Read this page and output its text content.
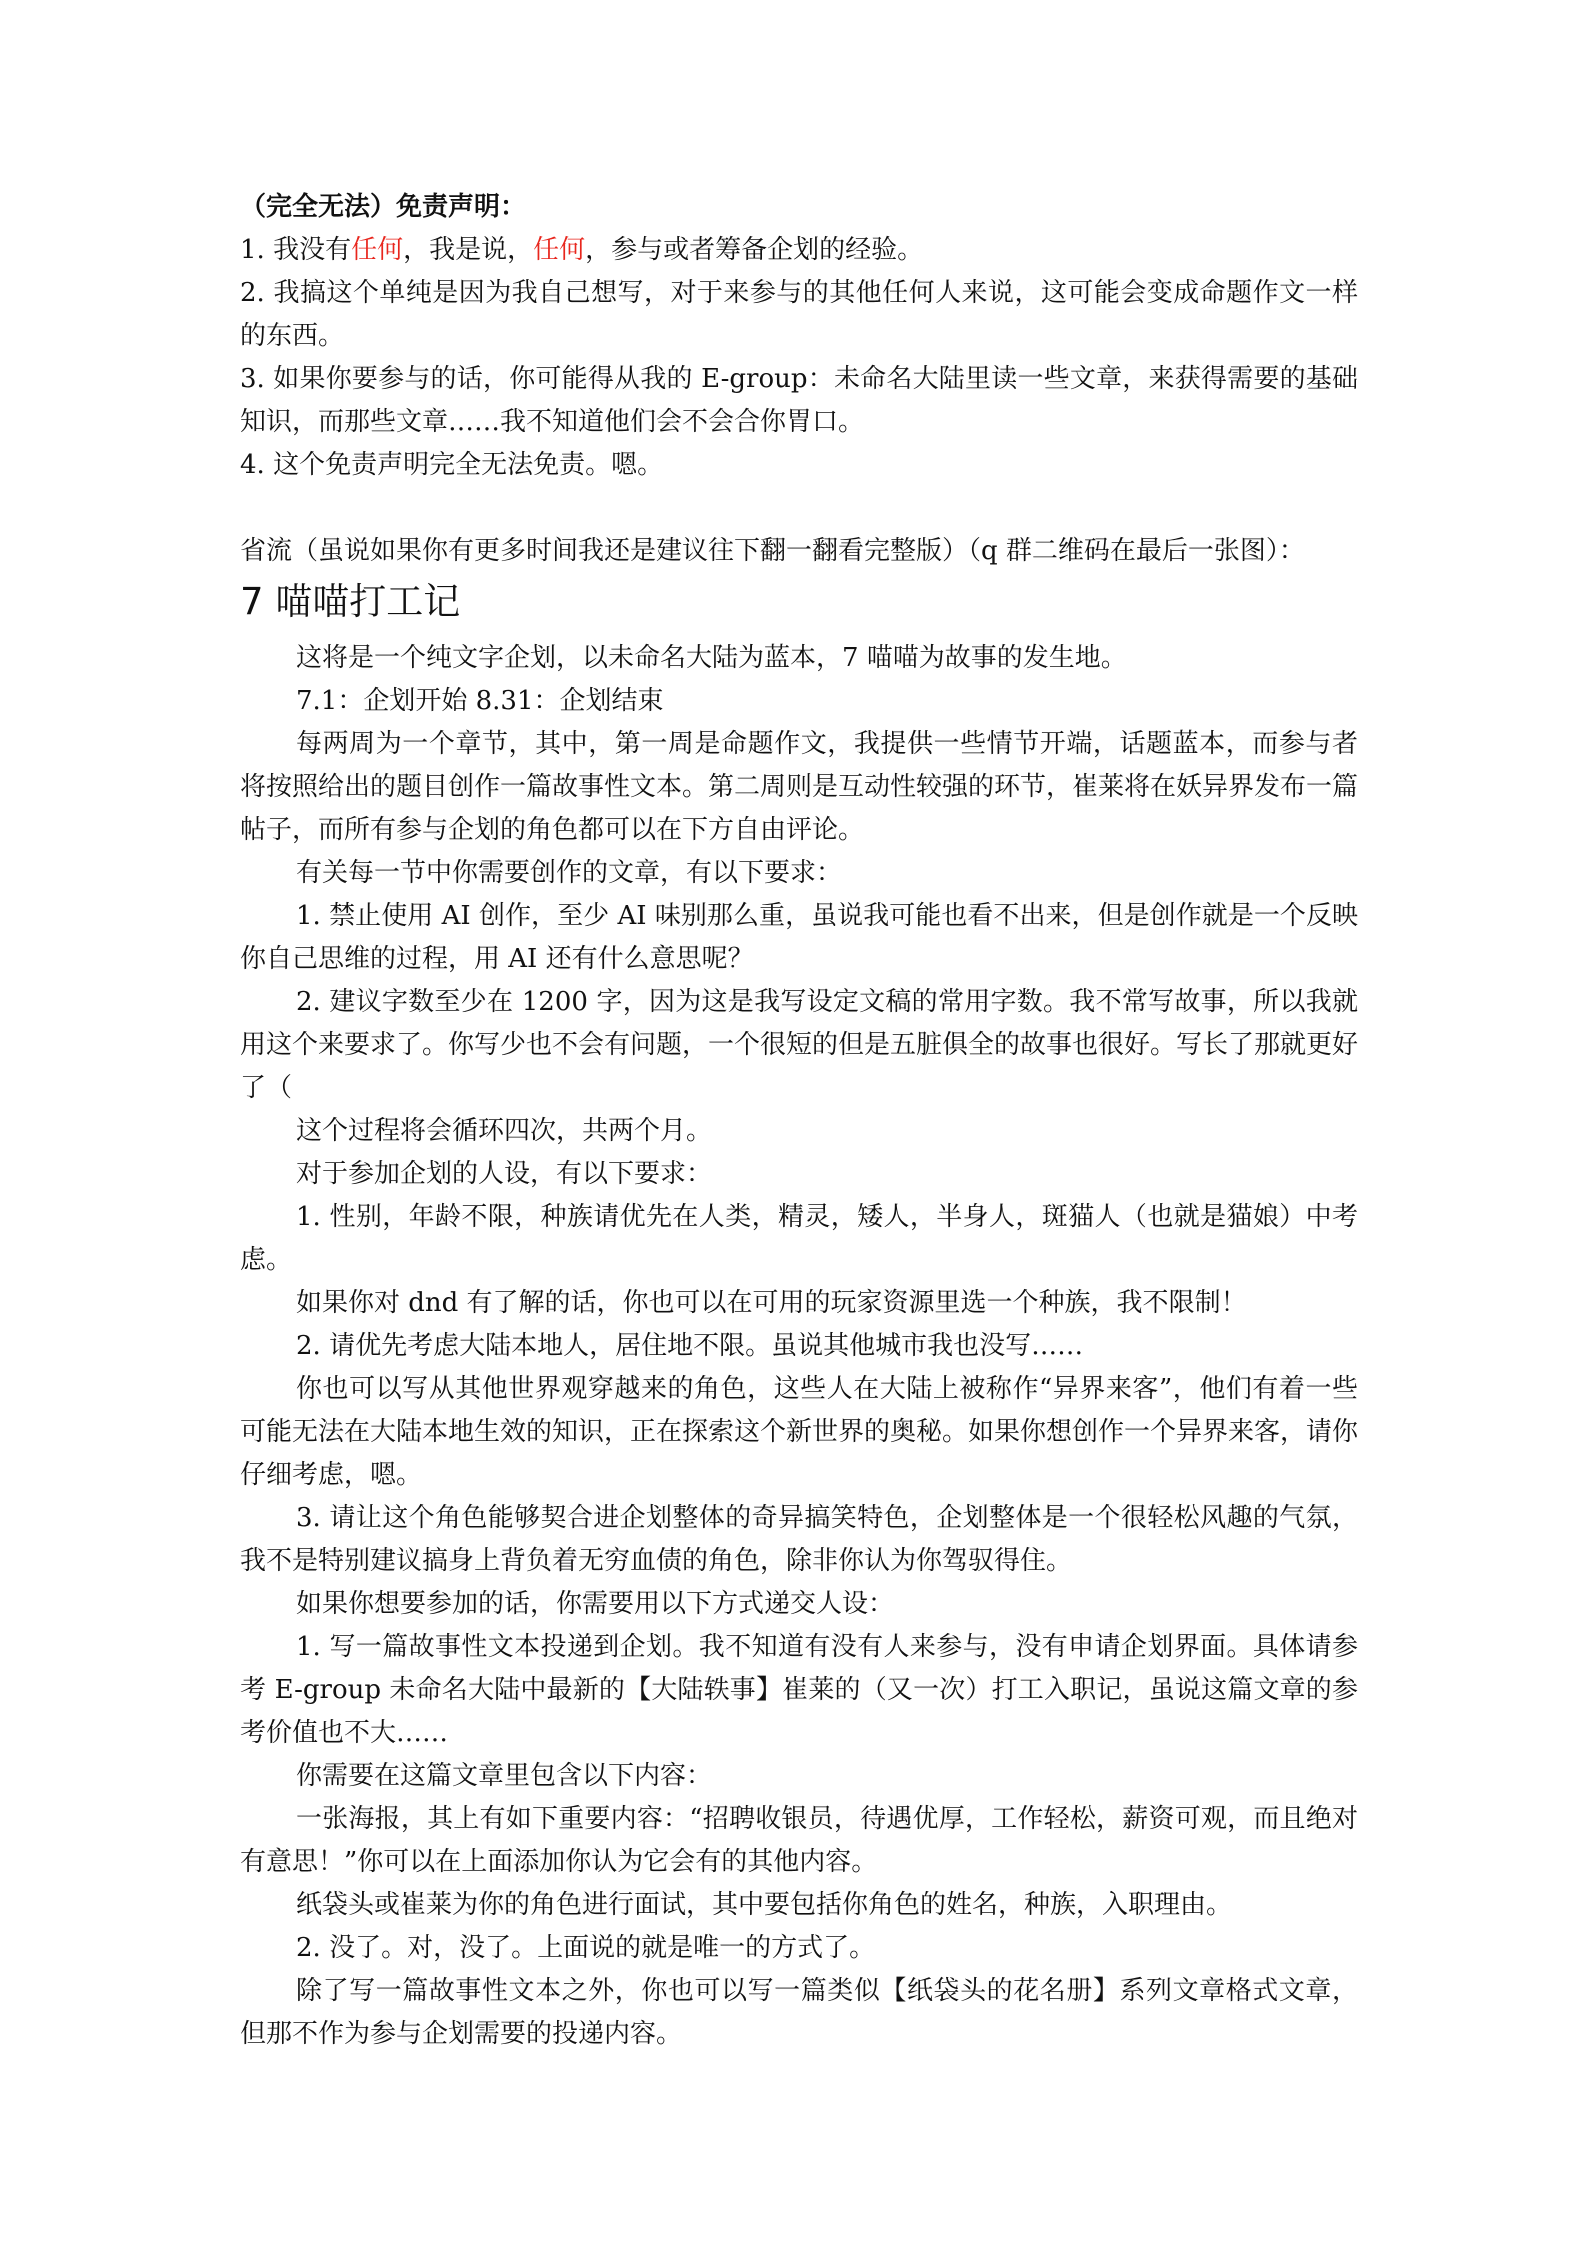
（完全无法）免责声明：

1. 我没有任何，我是说，任何，参与或者筹备企划的经验。

2. 我搞这个单纯是因为我自己想写，对于来参与的其他任何人来说，这可能会变成命题作文一样的东西。

3. 如果你要参与的话，你可能得从我的 E-group：未命名大陆里读一些文章，来获得需要的基础知识，而那些文章……我不知道他们会不会合你胃口。

4. 这个免责声明完全无法免责。嗯。

省流（虽说如果你有更多时间我还是建议往下翻一翻看完整版）（q 群二维码在最后一张图）：

7 喵喵打工记

这将是一个纯文字企划，以未命名大陆为蓝本，7 喵喵为故事的发生地。

7.1：企划开始 8.31：企划结束

每两周为一个章节，其中，第一周是命题作文，我提供一些情节开端，话题蓝本，而参与者将按照给出的题目创作一篇故事性文本。第二周则是互动性较强的环节，崔莱将在妖异界发布一篇帖子，而所有参与企划的角色都可以在下方自由评论。

有关每一节中你需要创作的文章，有以下要求：

1. 禁止使用 AI 创作，至少 AI 味别那么重，虽说我可能也看不出来，但是创作就是一个反映你自己思维的过程，用 AI 还有什么意思呢？

2. 建议字数至少在 1200 字，因为这是我写设定文稿的常用字数。我不常写故事，所以我就用这个来要求了。你写少也不会有问题，一个很短的但是五脏俱全的故事也很好。写长了那就更好了（

这个过程将会循环四次，共两个月。

对于参加企划的人设，有以下要求：

1. 性别，年龄不限，种族请优先在人类，精灵，矮人，半身人，斑猫人（也就是猫娘）中考虑。

如果你对 dnd 有了解的话，你也可以在可用的玩家资源里选一个种族，我不限制！

2. 请优先考虑大陆本地人，居住地不限。虽说其他城市我也没写……

你也可以写从其他世界观穿越来的角色，这些人在大陆上被称作“异界来客”，他们有着一些可能无法在大陆本地生效的知识，正在探索这个新世界的奥秘。如果你想创作一个异界来客，请你仔细考虑，嗯。

3. 请让这个角色能够契合进企划整体的奇异搞笑特色，企划整体是一个很轻松风趣的气氛，我不是特别建议搞身上背负着无穷血债的角色，除非你认为你驾驭得住。

如果你想要参加的话，你需要用以下方式递交人设：

1. 写一篇故事性文本投递到企划。我不知道有没有人来参与，没有申请企划界面。具体请参考 E-group 未命名大陆中最新的【大陆轶事】崔莱的（又一次）打工入职记，虽说这篇文章的参考价值也不大……

你需要在这篇文章里包含以下内容：

一张海报，其上有如下重要内容：“招聘收银员，待遇优厚，工作轻松，薪资可观，而且绝对有意思！”你可以在上面添加你认为它会有的其他内容。

纸袋头或崔莱为你的角色进行面试，其中要包括你角色的姓名，种族，入职理由。

2. 没了。对，没了。上面说的就是唯一的方式了。

除了写一篇故事性文本之外，你也可以写一篇类似【纸袋头的花名册】系列文章格式文章，但那不作为参与企划需要的投递内容。
